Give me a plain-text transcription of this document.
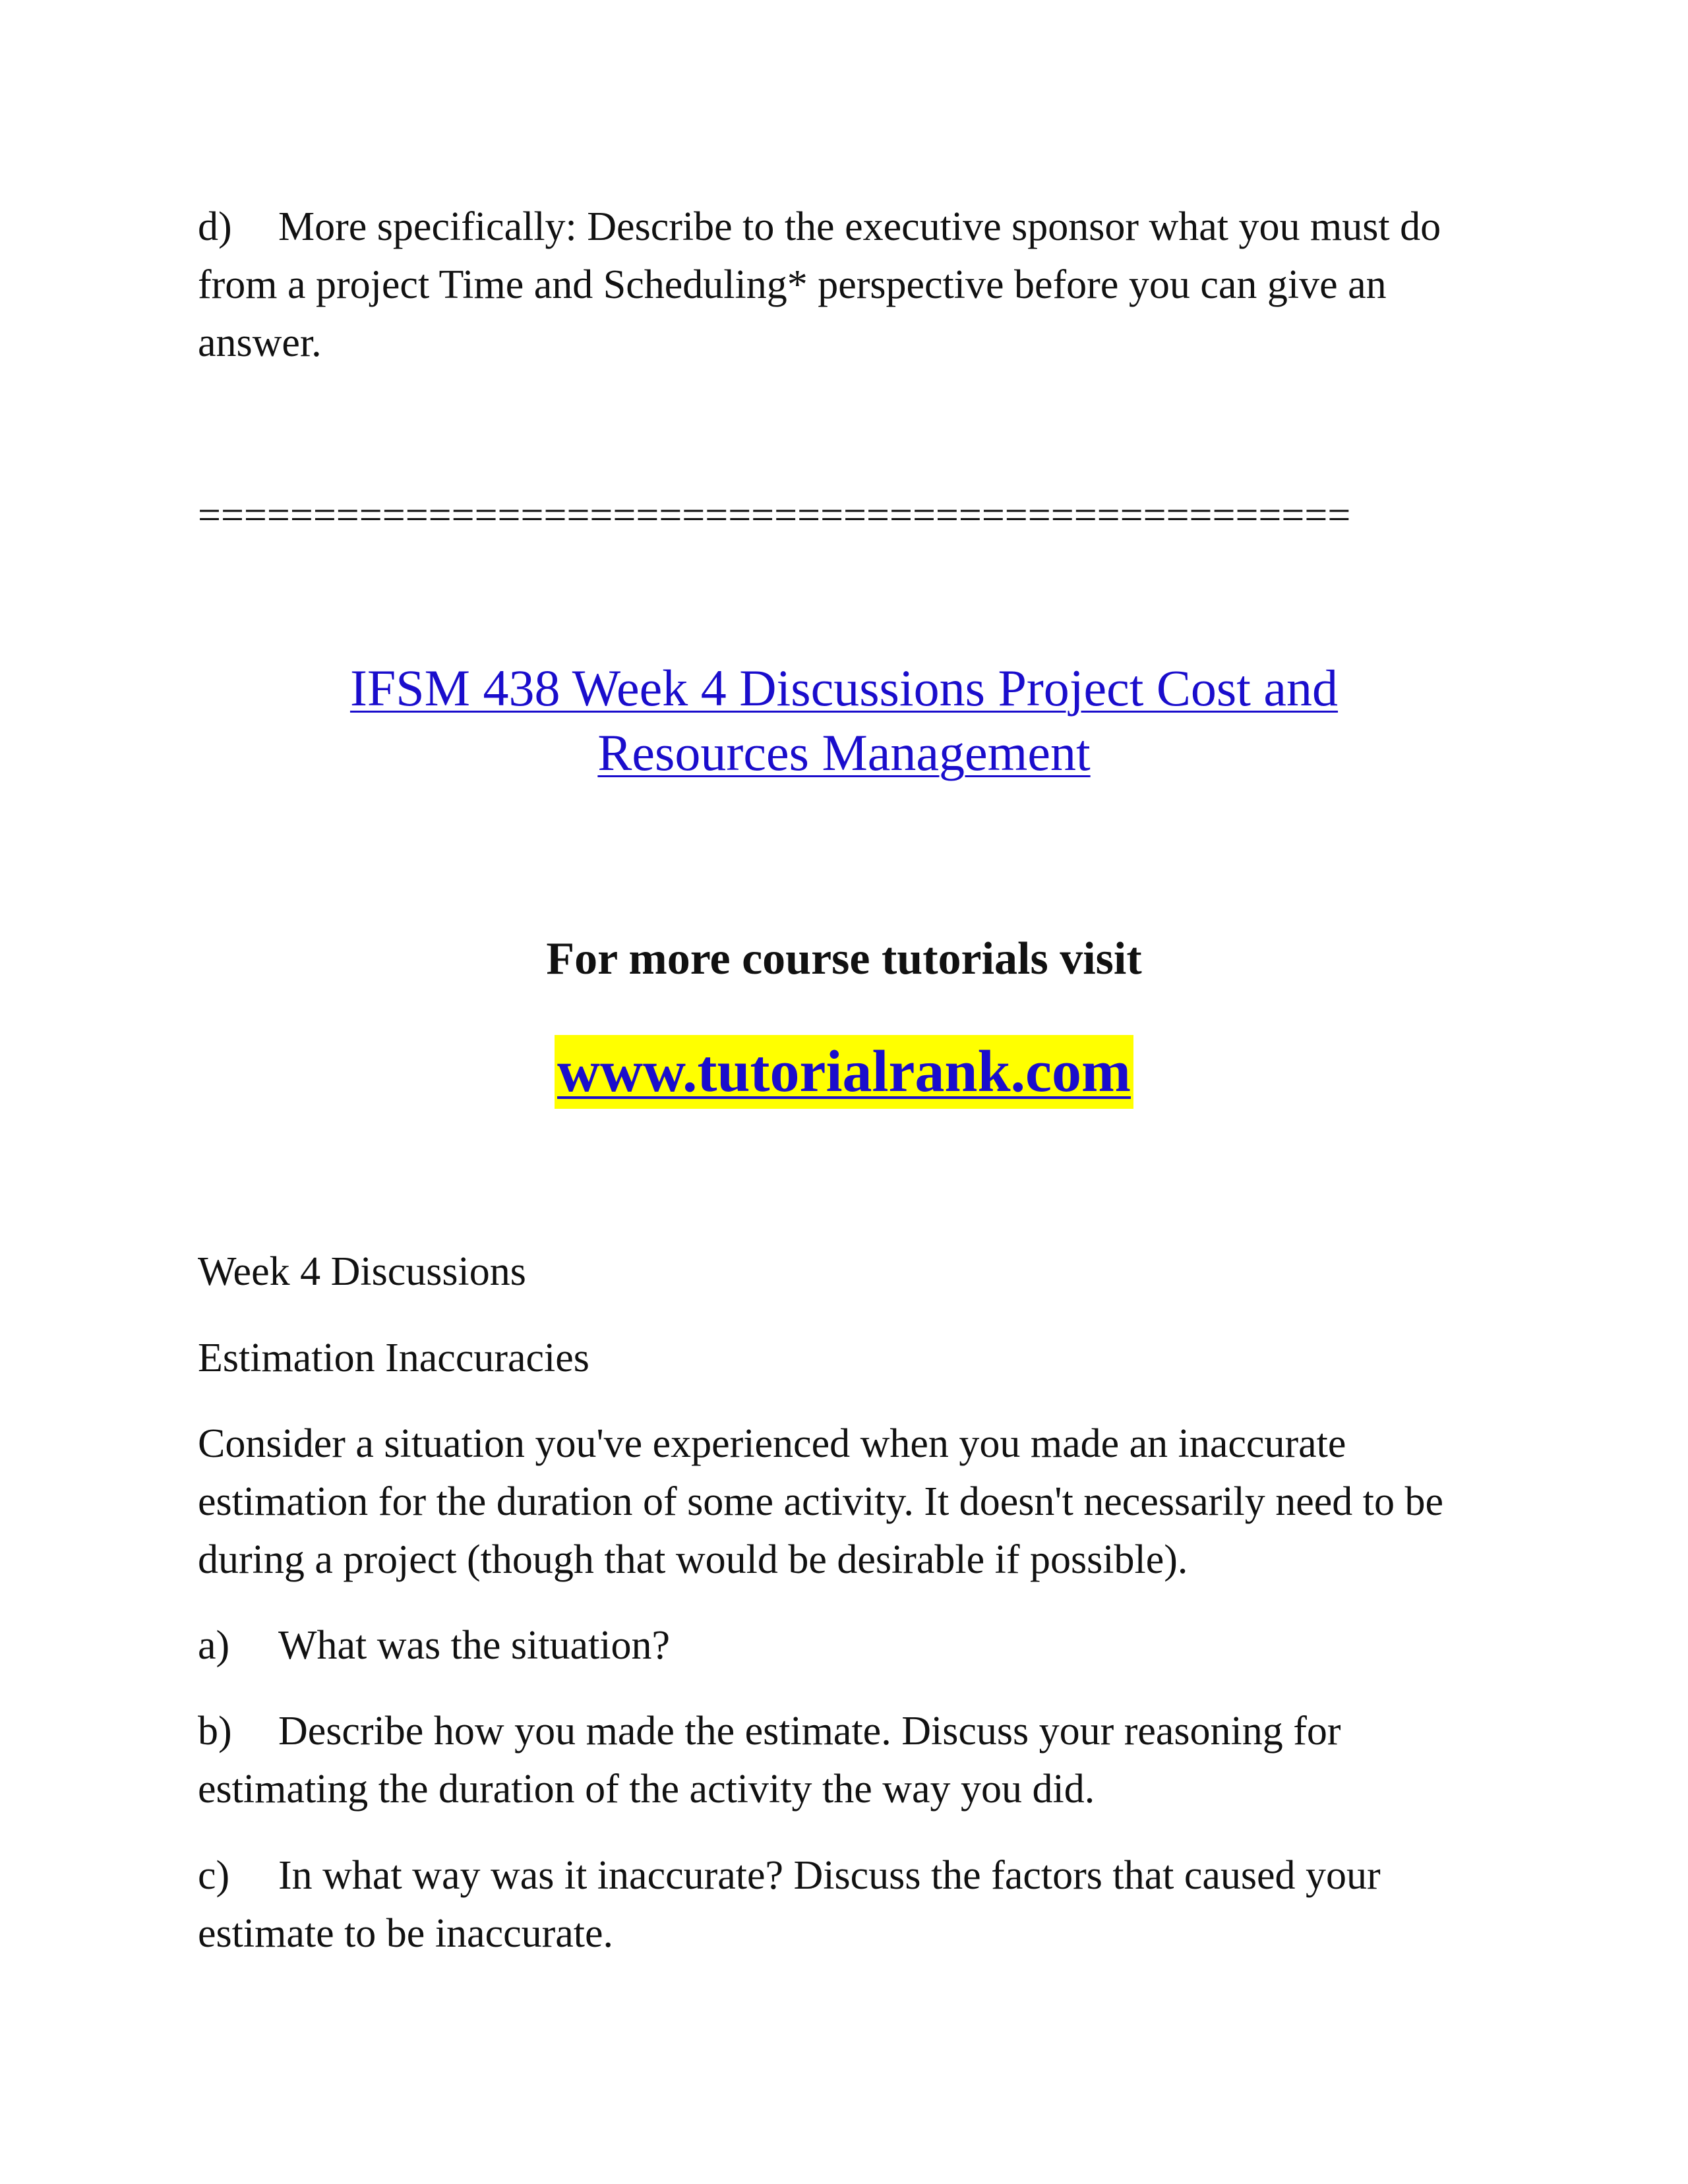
d) More specifically: Describe to the executive sponsor what you must do from a project Time and Scheduling* perspective before you can give an answer.

==================================================

IFSM 438 Week 4 Discussions Project Cost and
Resources Management

For more course tutorials visit

www.tutorialrank.com

Week 4 Discussions

Estimation Inaccuracies

Consider a situation you've experienced when you made an inaccurate estimation for the duration of some activity. It doesn't necessarily need to be during a project (though that would be desirable if possible).

a) What was the situation?

b) Describe how you made the estimate. Discuss your reasoning for estimating the duration of the activity the way you did.

c) In what way was it inaccurate? Discuss the factors that caused your estimate to be inaccurate.
